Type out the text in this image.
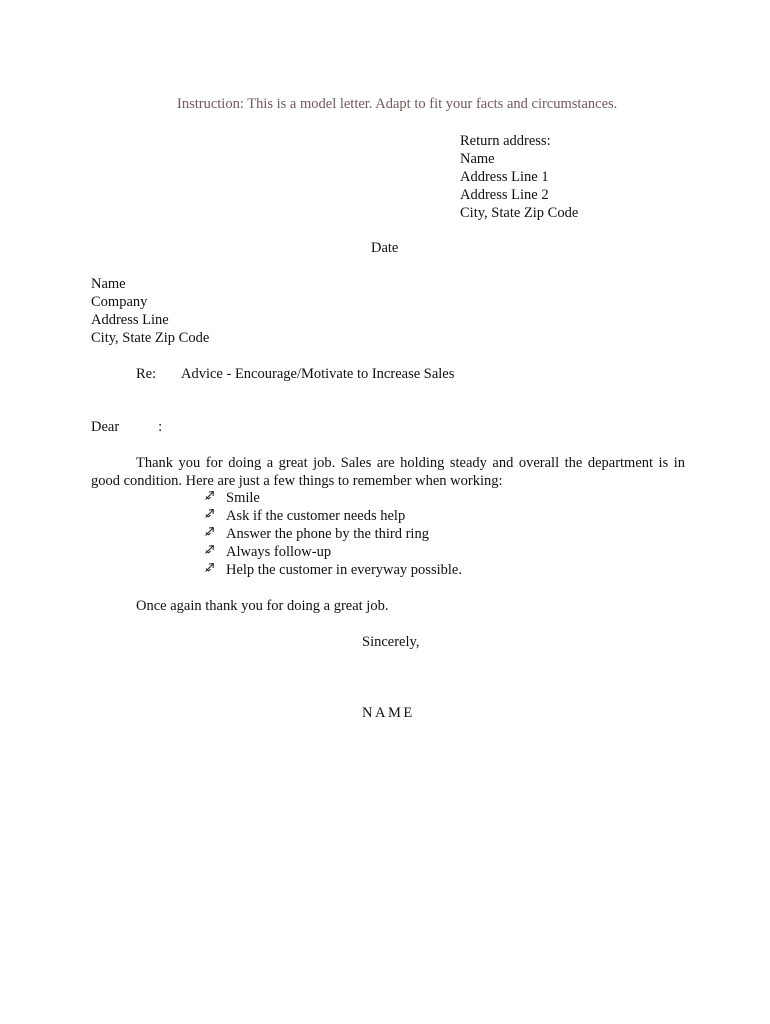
Instruction: This is a model letter. Adapt to fit your facts and circumstances.
Return address:
Name
Address Line 1
Address Line 2
City, State Zip Code
Date
Name
Company
Address Line
City, State Zip Code
Re: Advice - Encourage/Motivate to Increase Sales
Dear	:
Thank you for doing a great job. Sales are holding steady and overall the department is in good condition. Here are just a few things to remember when working:
Smile
Ask if the customer needs help
Answer the phone by the third ring
Always follow-up
Help the customer in everyway possible.
Once again thank you for doing a great job.
Sincerely,
NAME
